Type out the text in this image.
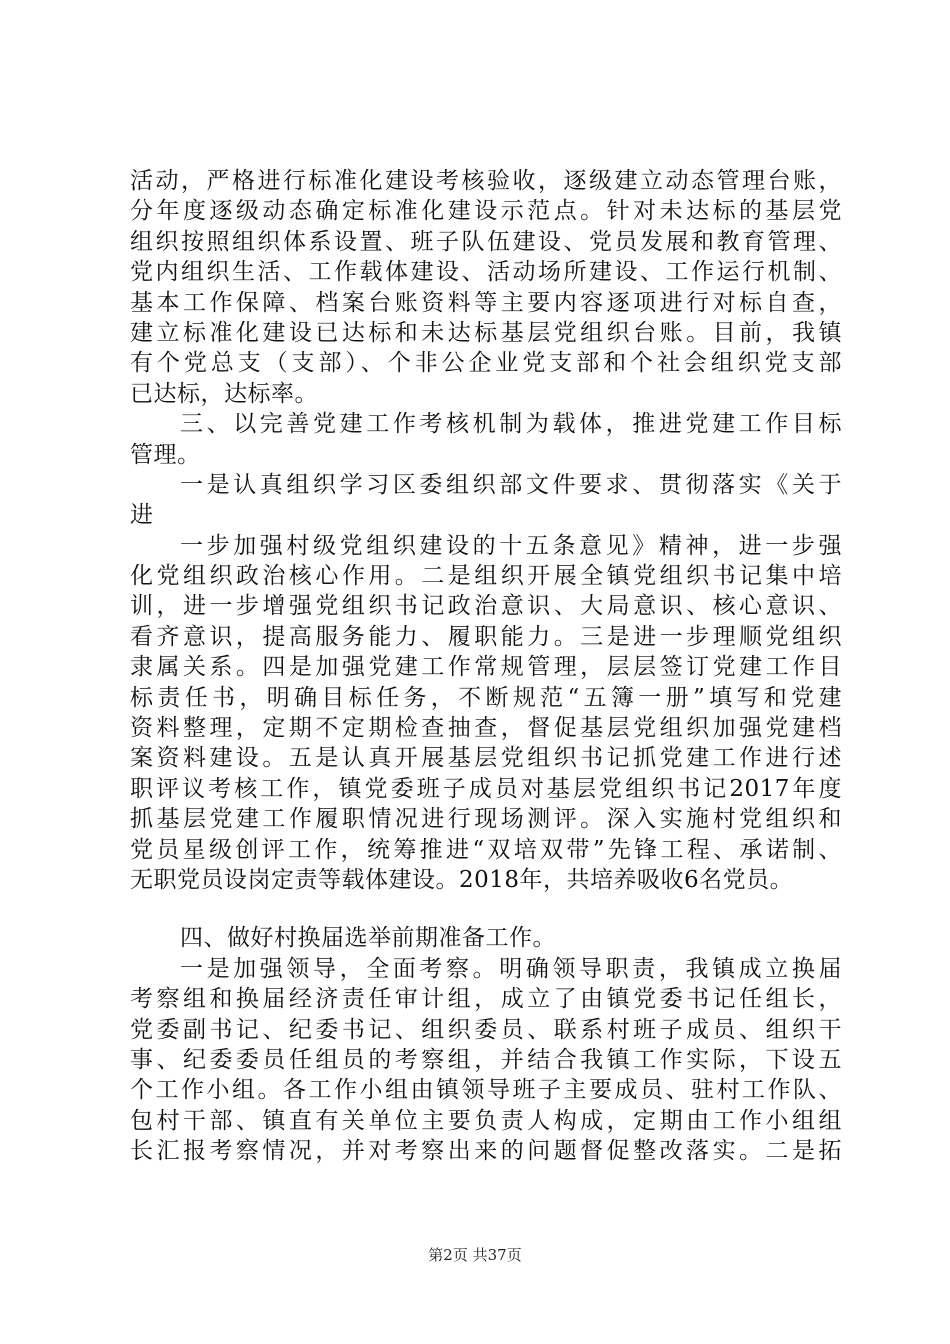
活动，严格进行标准化建设考核验收，逐级建立动态管理台账，
分年度逐级动态确定标准化建设示范点。针对未达标的基层党
组织按照组织体系设置、班子队伍建设、党员发展和教育管理、
党内组织生活、工作载体建设、活动场所建设、工作运行机制、
基本工作保障、档案台账资料等主要内容逐项进行对标自查，
建立标准化建设已达标和未达标基层党组织台账。目前，我镇
有个党总支（支部）、个非公企业党支部和个社会组织党支部
已达标，达标率。
三、以完善党建工作考核机制为载体，推进党建工作目标
管理。
一是认真组织学习区委组织部文件要求、贯彻落实《关于
进
一步加强村级党组织建设的十五条意见》精神，进一步强
化党组织政治核心作用。二是组织开展全镇党组织书记集中培
训，进一步增强党组织书记政治意识、大局意识、核心意识、
看齐意识，提高服务能力、履职能力。三是进一步理顺党组织
隶属关系。四是加强党建工作常规管理，层层签订党建工作目
标责任书，明确目标任务，不断规范“五簿一册”填写和党建
资料整理，定期不定期检查抽查，督促基层党组织加强党建档
案资料建设。五是认真开展基层党组织书记抓党建工作进行述
职评议考核工作，镇党委班子成员对基层党组织书记2017年度
抓基层党建工作履职情况进行现场测评。深入实施村党组织和
党员星级创评工作，统筹推进“双培双带”先锋工程、承诺制、
无职党员设岗定责等载体建设。2018年，共培养吸收6名党员。
四、做好村换届选举前期准备工作。
一是加强领导，全面考察。明确领导职责，我镇成立换届
考察组和换届经济责任审计组，成立了由镇党委书记任组长，
党委副书记、纪委书记、组织委员、联系村班子成员、组织干
事、纪委委员任组员的考察组，并结合我镇工作实际，下设五
个工作小组。各工作小组由镇领导班子主要成员、驻村工作队、
包村干部、镇直有关单位主要负责人构成，定期由工作小组组
长汇报考察情况，并对考察出来的问题督促整改落实。二是拓
第2页 共37页
